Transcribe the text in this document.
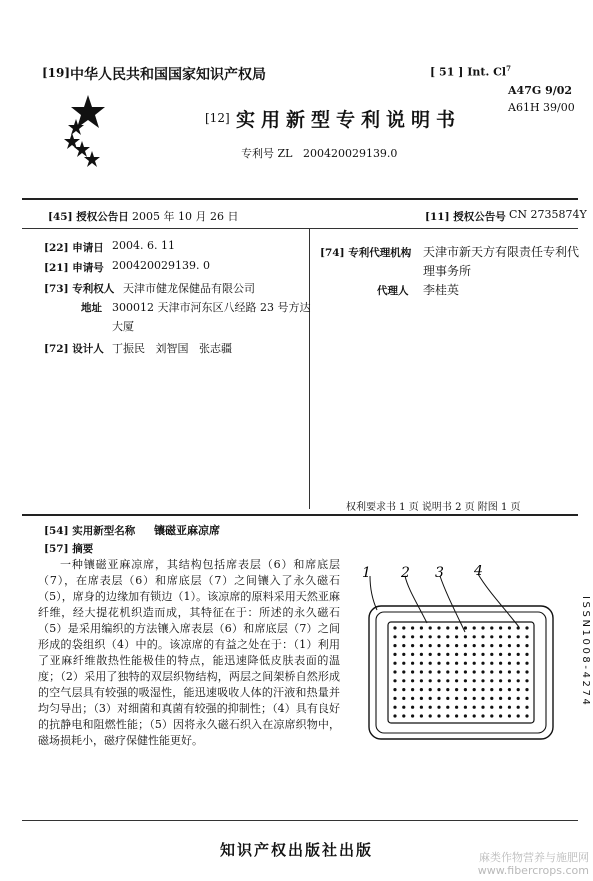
[19] 中华人民共和国国家知识产权局	[ 51 ] Int. Cl$^7$
A47G 9/02
A61H 39/00
[12] 实用新型专利说明书
专利号 ZL 200420029139.0
[45] 授权公告日 2005 年 10 月 26 日	[11] 授权公告号 CN 2735874Y
[22] 申请日 2004. 6. 11
[21] 申请号 200420029139. 0
[73] 专利权人 天津市健龙保健品有限公司
地址 300012 天津市河东区八经路 23 号方达
大厦
[72] 设计人 丁振民 刘智国 张志疆
[74] 专利代理机构 天津市新天方有限责任专利代
理事务所
代理人 李桂英
权利要求书 1 页 说明书 2 页 附图 1 页
[54] 实用新型名称 镶磁亚麻凉席
[57] 摘要

一种镶磁亚麻凉席，其结构包括席表层（6）和席底层（7），在席表层（6）和席底层（7）之间镶入了永久磁石（5），席身的边缘加有锁边（1）。该凉席的原料采用天然亚麻纤维，经大提花机织造而成，其特征在于：所述的永久磁石（5）是采用编织的方法镶入席表层（6）和席底层（7）之间形成的袋组织（4）中的。该凉席的有益之处在于：（1）利用了亚麻纤维散热性能极佳的特点，能迅速降低皮肤表面的温度；（2）采用了独特的双层织物结构，两层之间架桥自然形成的空气层具有较强的吸湿性，能迅速吸收人体的汗液和热量并均匀导出；（3）对细菌和真菌有较强的抑制性；（4）具有良好的抗静电和阻燃性能；（5）因将永久磁石织入在凉席织物中，磁场损耗小，磁疗保健性能更好。

1 2 3 4
ISSN1008-4274
知识产权出版社出版	麻类作物营养与施肥网
www.fibercrops.com
